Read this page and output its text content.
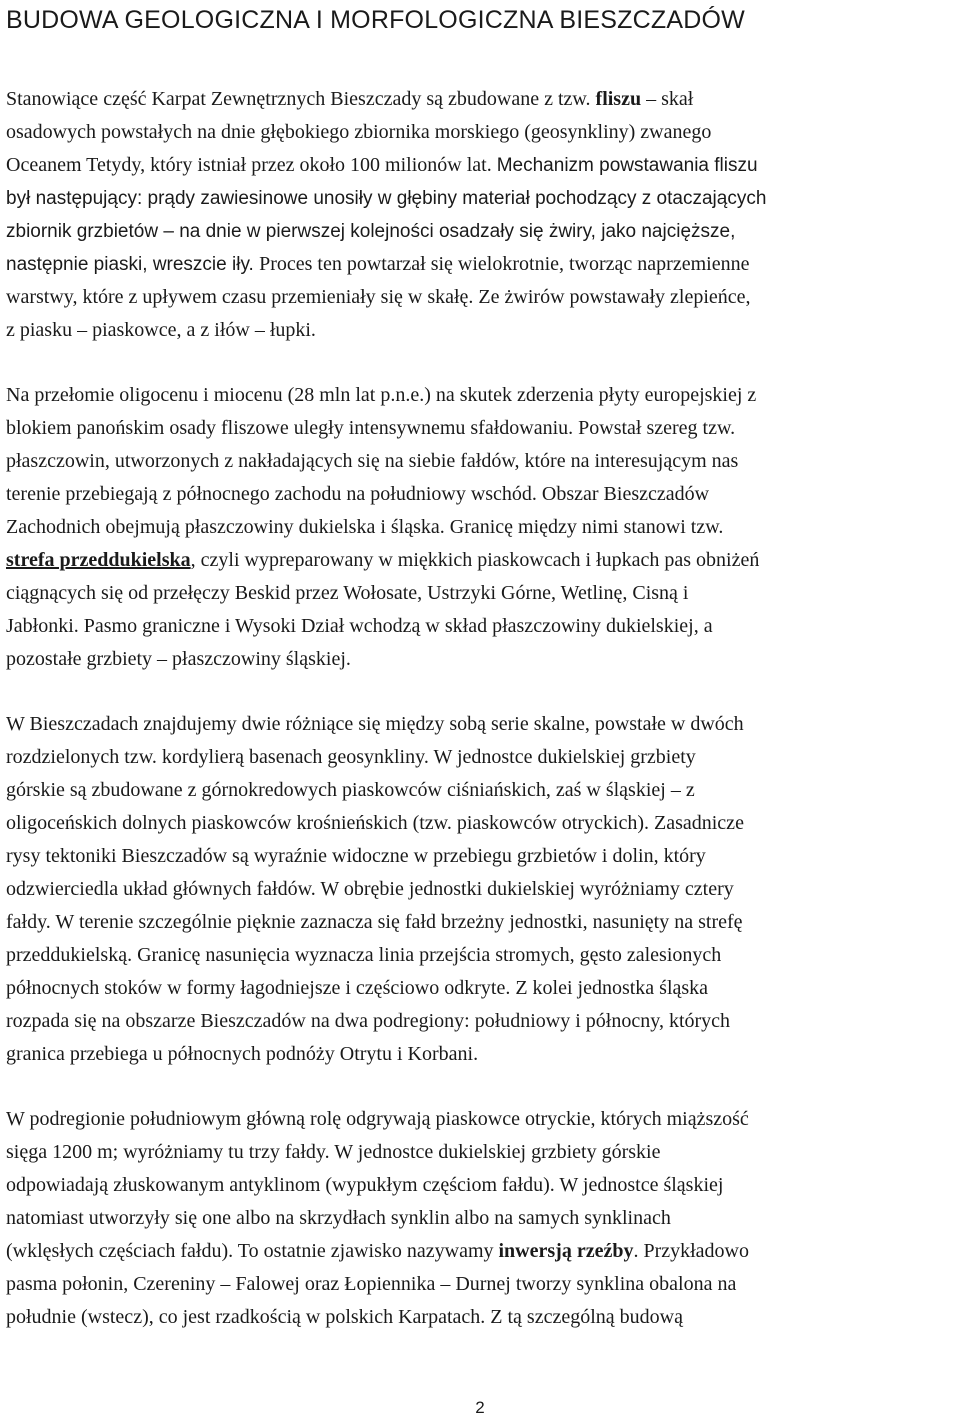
BUDOWA GEOLOGICZNA I MORFOLOGICZNA BIESZCZADÓW

Stanowiące część Karpat Zewnętrznych Bieszczady są zbudowane z tzw. fliszu – skał
osadowych powstałych na dnie głębokiego zbiornika morskiego (geosynkliny) zwanego
Oceanem Tetydy, który istniał przez około 100 milionów lat. Mechanizm powstawania fliszu
był następujący: prądy zawiesinowe unosiły w głębiny materiał pochodzący z otaczających
zbiornik grzbietów – na dnie w pierwszej kolejności osadzały się żwiry, jako najcięższe,
następnie piaski, wreszcie iły. Proces ten powtarzał się wielokrotnie, tworząc naprzemienne
warstwy, które z upływem czasu przemieniały się w skałę. Ze żwirów powstawały zlepieńce,
z piasku – piaskowce, a z iłów – łupki.

Na przełomie oligocenu i miocenu (28 mln lat p.n.e.) na skutek zderzenia płyty europejskiej z
blokiem panońskim osady fliszowe uległy intensywnemu sfałdowaniu. Powstał szereg tzw.
płaszczowin, utworzonych z nakładających się na siebie fałdów, które na interesującym nas
terenie przebiegają z północnego zachodu na południowy wschód. Obszar Bieszczadów
Zachodnich obejmują płaszczowiny dukielska i śląska. Granicę między nimi stanowi tzw.
strefa przeddukielska, czyli wypreparowany w miękkich piaskowcach i łupkach pas obniżeń
ciągnących się od przełęczy Beskid przez Wołosate, Ustrzyki Górne, Wetlinę, Cisną i
Jabłonki. Pasmo graniczne i Wysoki Dział wchodzą w skład płaszczowiny dukielskiej, a
pozostałe grzbiety – płaszczowiny śląskiej.

W Bieszczadach znajdujemy dwie różniące się między sobą serie skalne, powstałe w dwóch
rozdzielonych tzw. kordylierą basenach geosynkliny. W jednostce dukielskiej grzbiety
górskie są zbudowane z górnokredowych piaskowców ciśniańskich, zaś w śląskiej – z
oligoceńskich dolnych piaskowców krośnieńskich (tzw. piaskowców otryckich). Zasadnicze
rysy tektoniki Bieszczadów są wyraźnie widoczne w przebiegu grzbietów i dolin, który
odzwierciedla układ głównych fałdów. W obrębie jednostki dukielskiej wyróżniamy cztery
fałdy. W terenie szczególnie pięknie zaznacza się fałd brzeżny jednostki, nasunięty na strefę
przeddukielską. Granicę nasunięcia wyznacza linia przejścia stromych, gęsto zalesionych
północnych stoków w formy łagodniejsze i częściowo odkryte. Z kolei jednostka śląska
rozpada się na obszarze Bieszczadów na dwa podregiony: południowy i północny, których
granica przebiega u północnych podnóży Otrytu i Korbani.

W podregionie południowym główną rolę odgrywają piaskowce otryckie, których miąższość
sięga 1200 m; wyróżniamy tu trzy fałdy. W jednostce dukielskiej grzbiety górskie
odpowiadają złuskowanym antyklinom (wypukłym częściom fałdu). W jednostce śląskiej
natomiast utworzyły się one albo na skrzydłach synklin albo na samych synklinach
(wklęsłych częściach fałdu). To ostatnie zjawisko nazywamy inwersją rzeźby. Przykładowo
pasma połonin, Czereniny – Falowej oraz Łopiennika – Durnej tworzy synklina obalona na
południe (wstecz), co jest rzadkością w polskich Karpatach. Z tą szczególną budową

2
